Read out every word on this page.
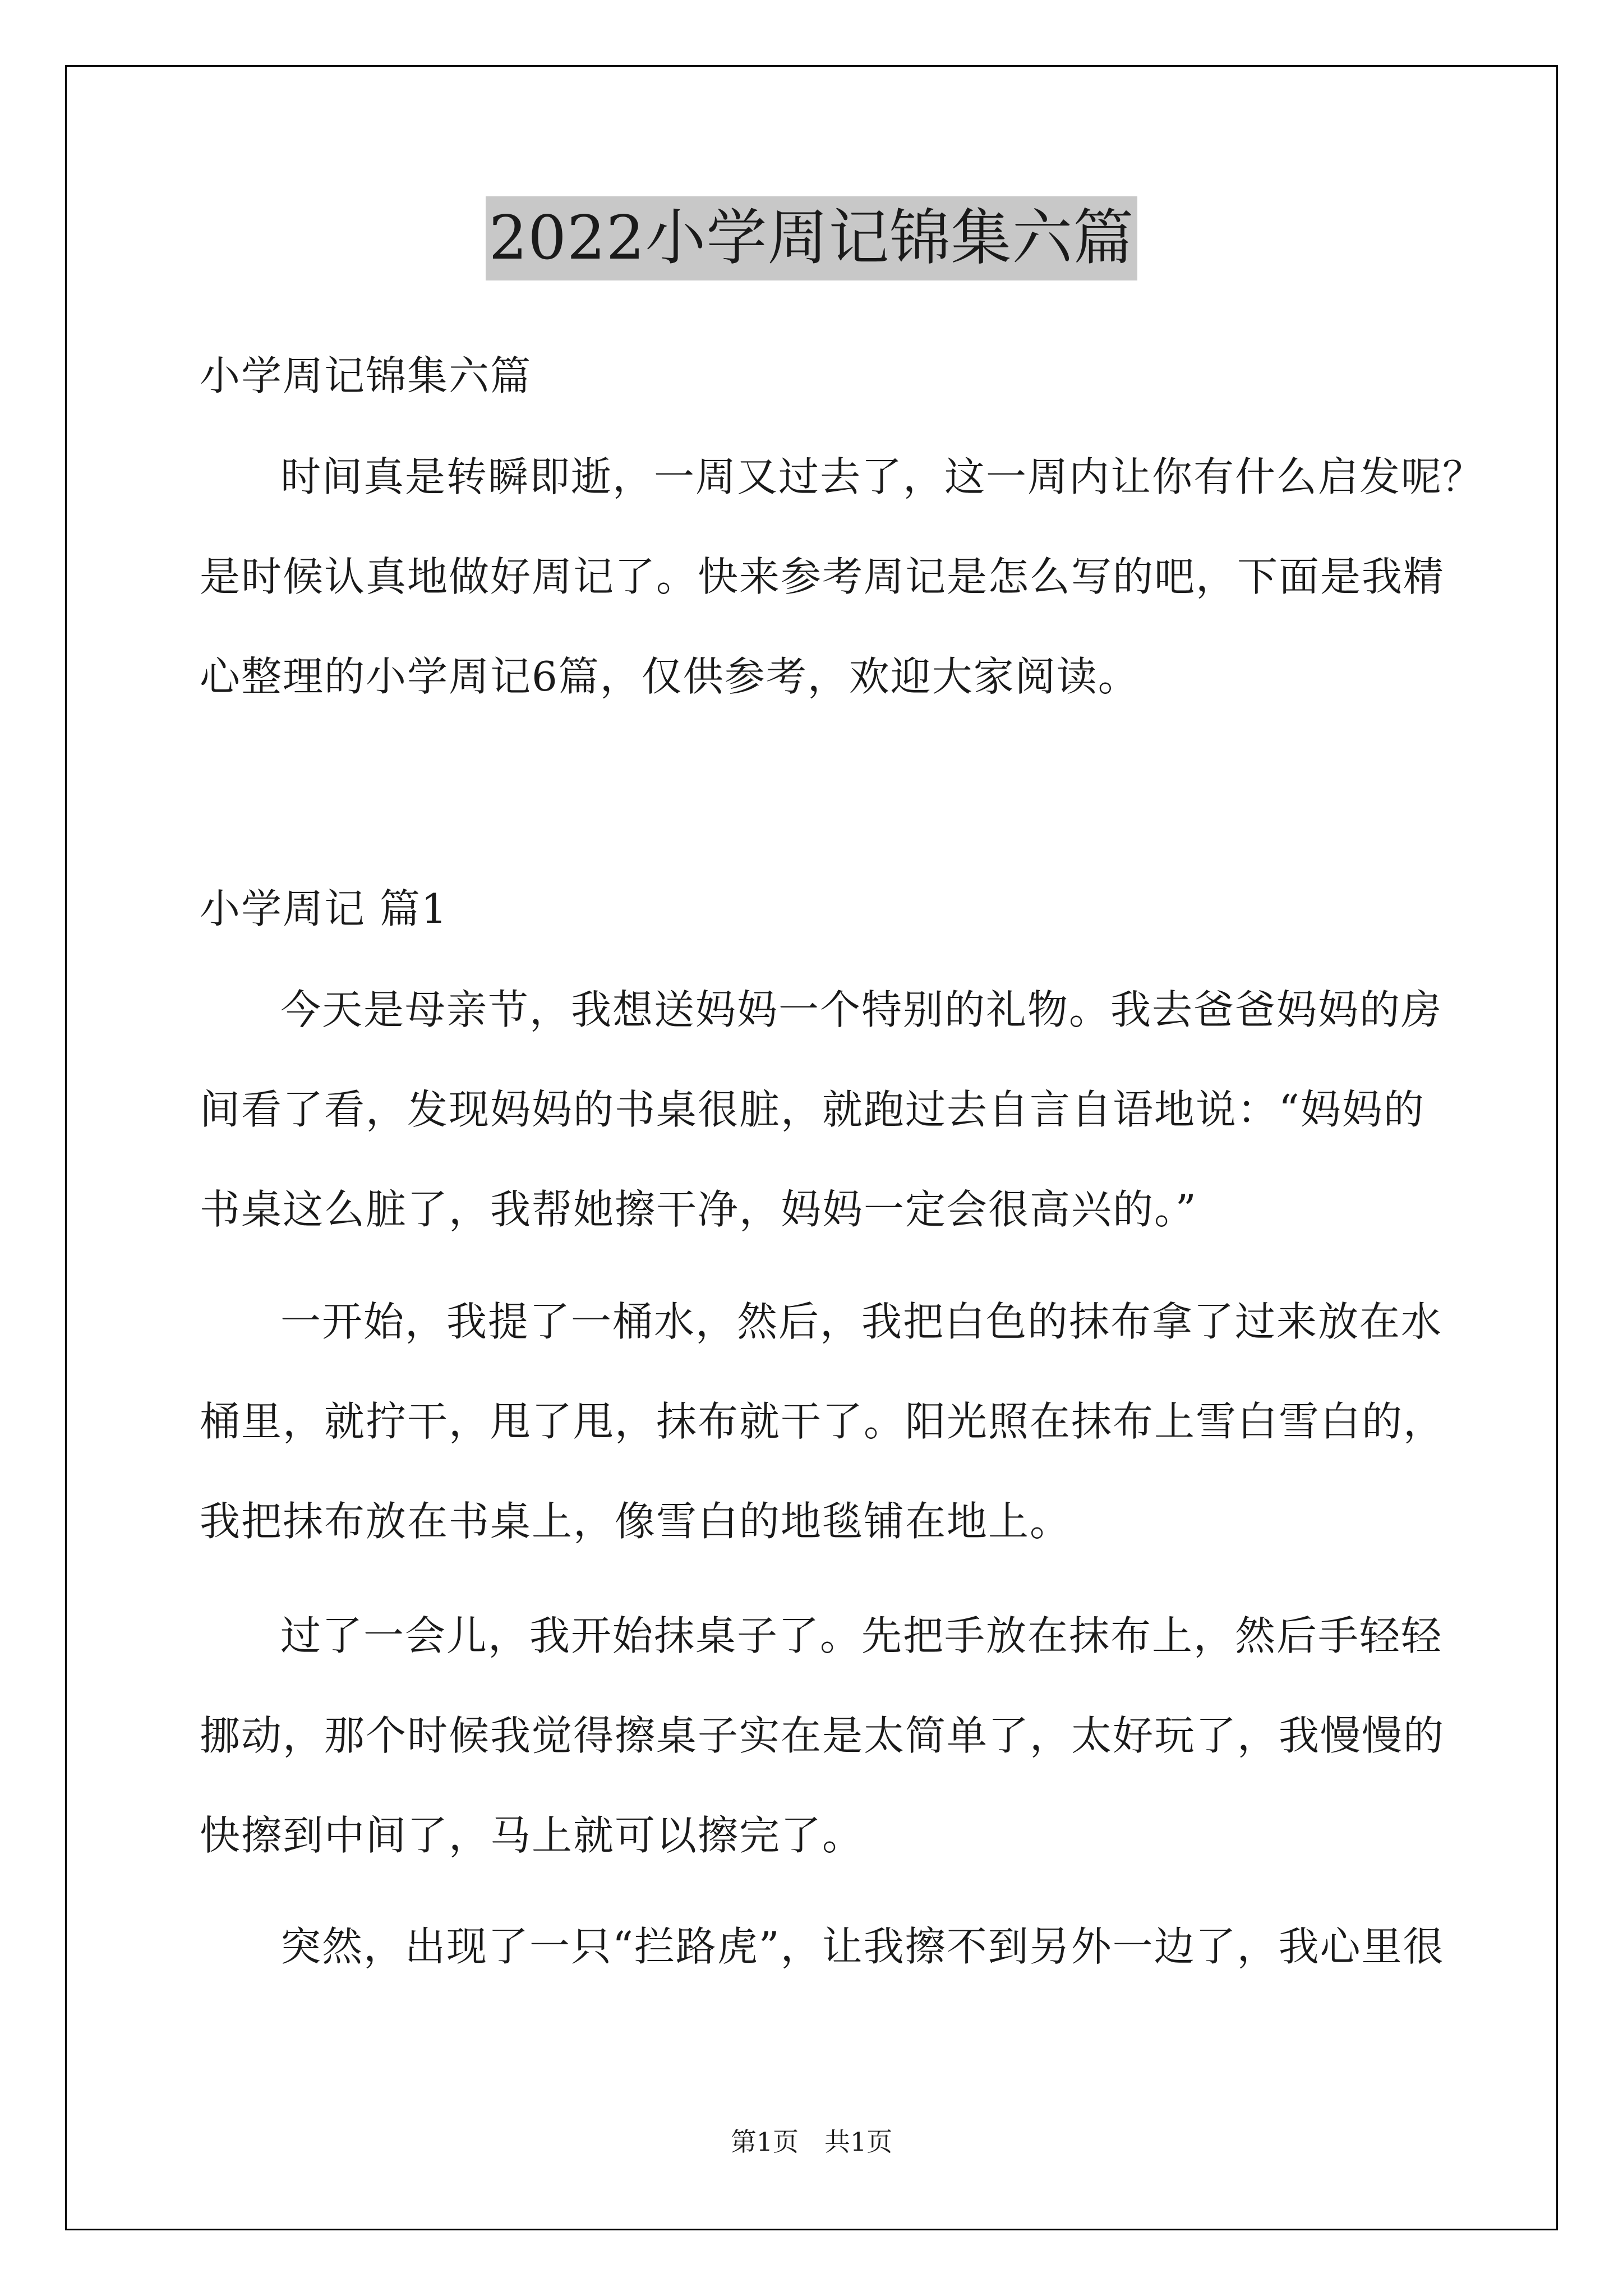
2022小学周记锦集六篇
小学周记锦集六篇
时间真是转瞬即逝，一周又过去了，这一周内让你有什么启发呢？
是时候认真地做好周记了。快来参考周记是怎么写的吧，下面是我精
心整理的小学周记6篇，仅供参考，欢迎大家阅读。
小学周记 篇1
今天是母亲节，我想送妈妈一个特别的礼物。我去爸爸妈妈的房
间看了看，发现妈妈的书桌很脏，就跑过去自言自语地说：“妈妈的
书桌这么脏了，我帮她擦干净，妈妈一定会很高兴的。”
一开始，我提了一桶水，然后，我把白色的抹布拿了过来放在水
桶里，就拧干，甩了甩，抹布就干了。阳光照在抹布上雪白雪白的，
我把抹布放在书桌上，像雪白的地毯铺在地上。
过了一会儿，我开始抹桌子了。先把手放在抹布上，然后手轻轻
挪动，那个时候我觉得擦桌子实在是太简单了，太好玩了，我慢慢的
快擦到中间了，马上就可以擦完了。
突然，出现了一只“拦路虎”，让我擦不到另外一边了，我心里很
第1页 共1页
